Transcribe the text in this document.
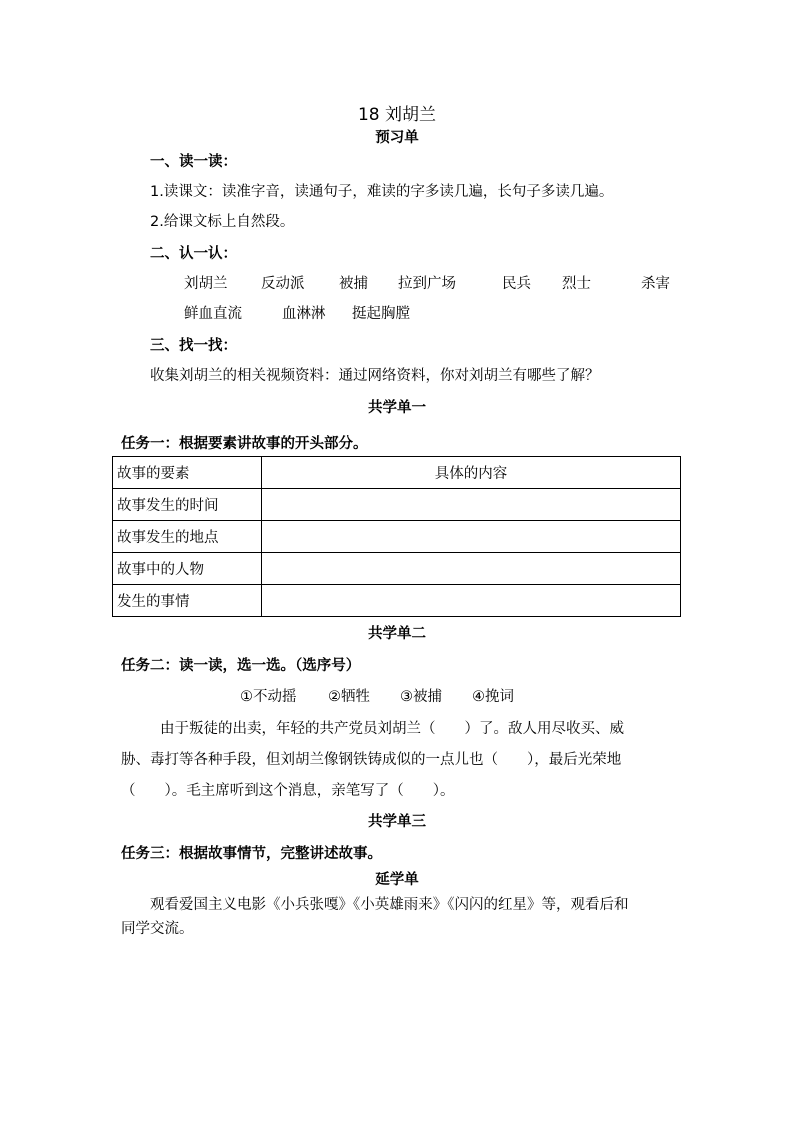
18 刘胡兰
预习单
一、读一读：
1.读课文：读准字音，读通句子，难读的字多读几遍，长句子多读几遍。
2.给课文标上自然段。
二、认一认：
刘胡兰 反动派 被捕 拉到广场	民兵 烈士	杀害
鲜血直流	血淋淋 挺起胸膛
三、找一找：
收集刘胡兰的相关视频资料：通过网络资料，你对刘胡兰有哪些了解？
共学单一
任务一：根据要素讲故事的开头部分。
故事的要素	具体的内容
故事发生的时间	
故事发生的地点	
故事中的人物	
发生的事情	
共学单二
任务二：读一读，选一选。（选序号）
①不动摇 ②牺牲 ③被捕 ④挽词
由于叛徒的出卖，年轻的共产党员刘胡兰（　　）了。敌人用尽收买、威
胁、毒打等各种手段，但刘胡兰像钢铁铸成似的一点儿也（　　），最后光荣地
（　　）。毛主席听到这个消息，亲笔写了（　　）。
共学单三
任务三：根据故事情节，完整讲述故事。
延学单
观看爱国主义电影《小兵张嘎》《小英雄雨来》《闪闪的红星》等，观看后和
同学交流。
